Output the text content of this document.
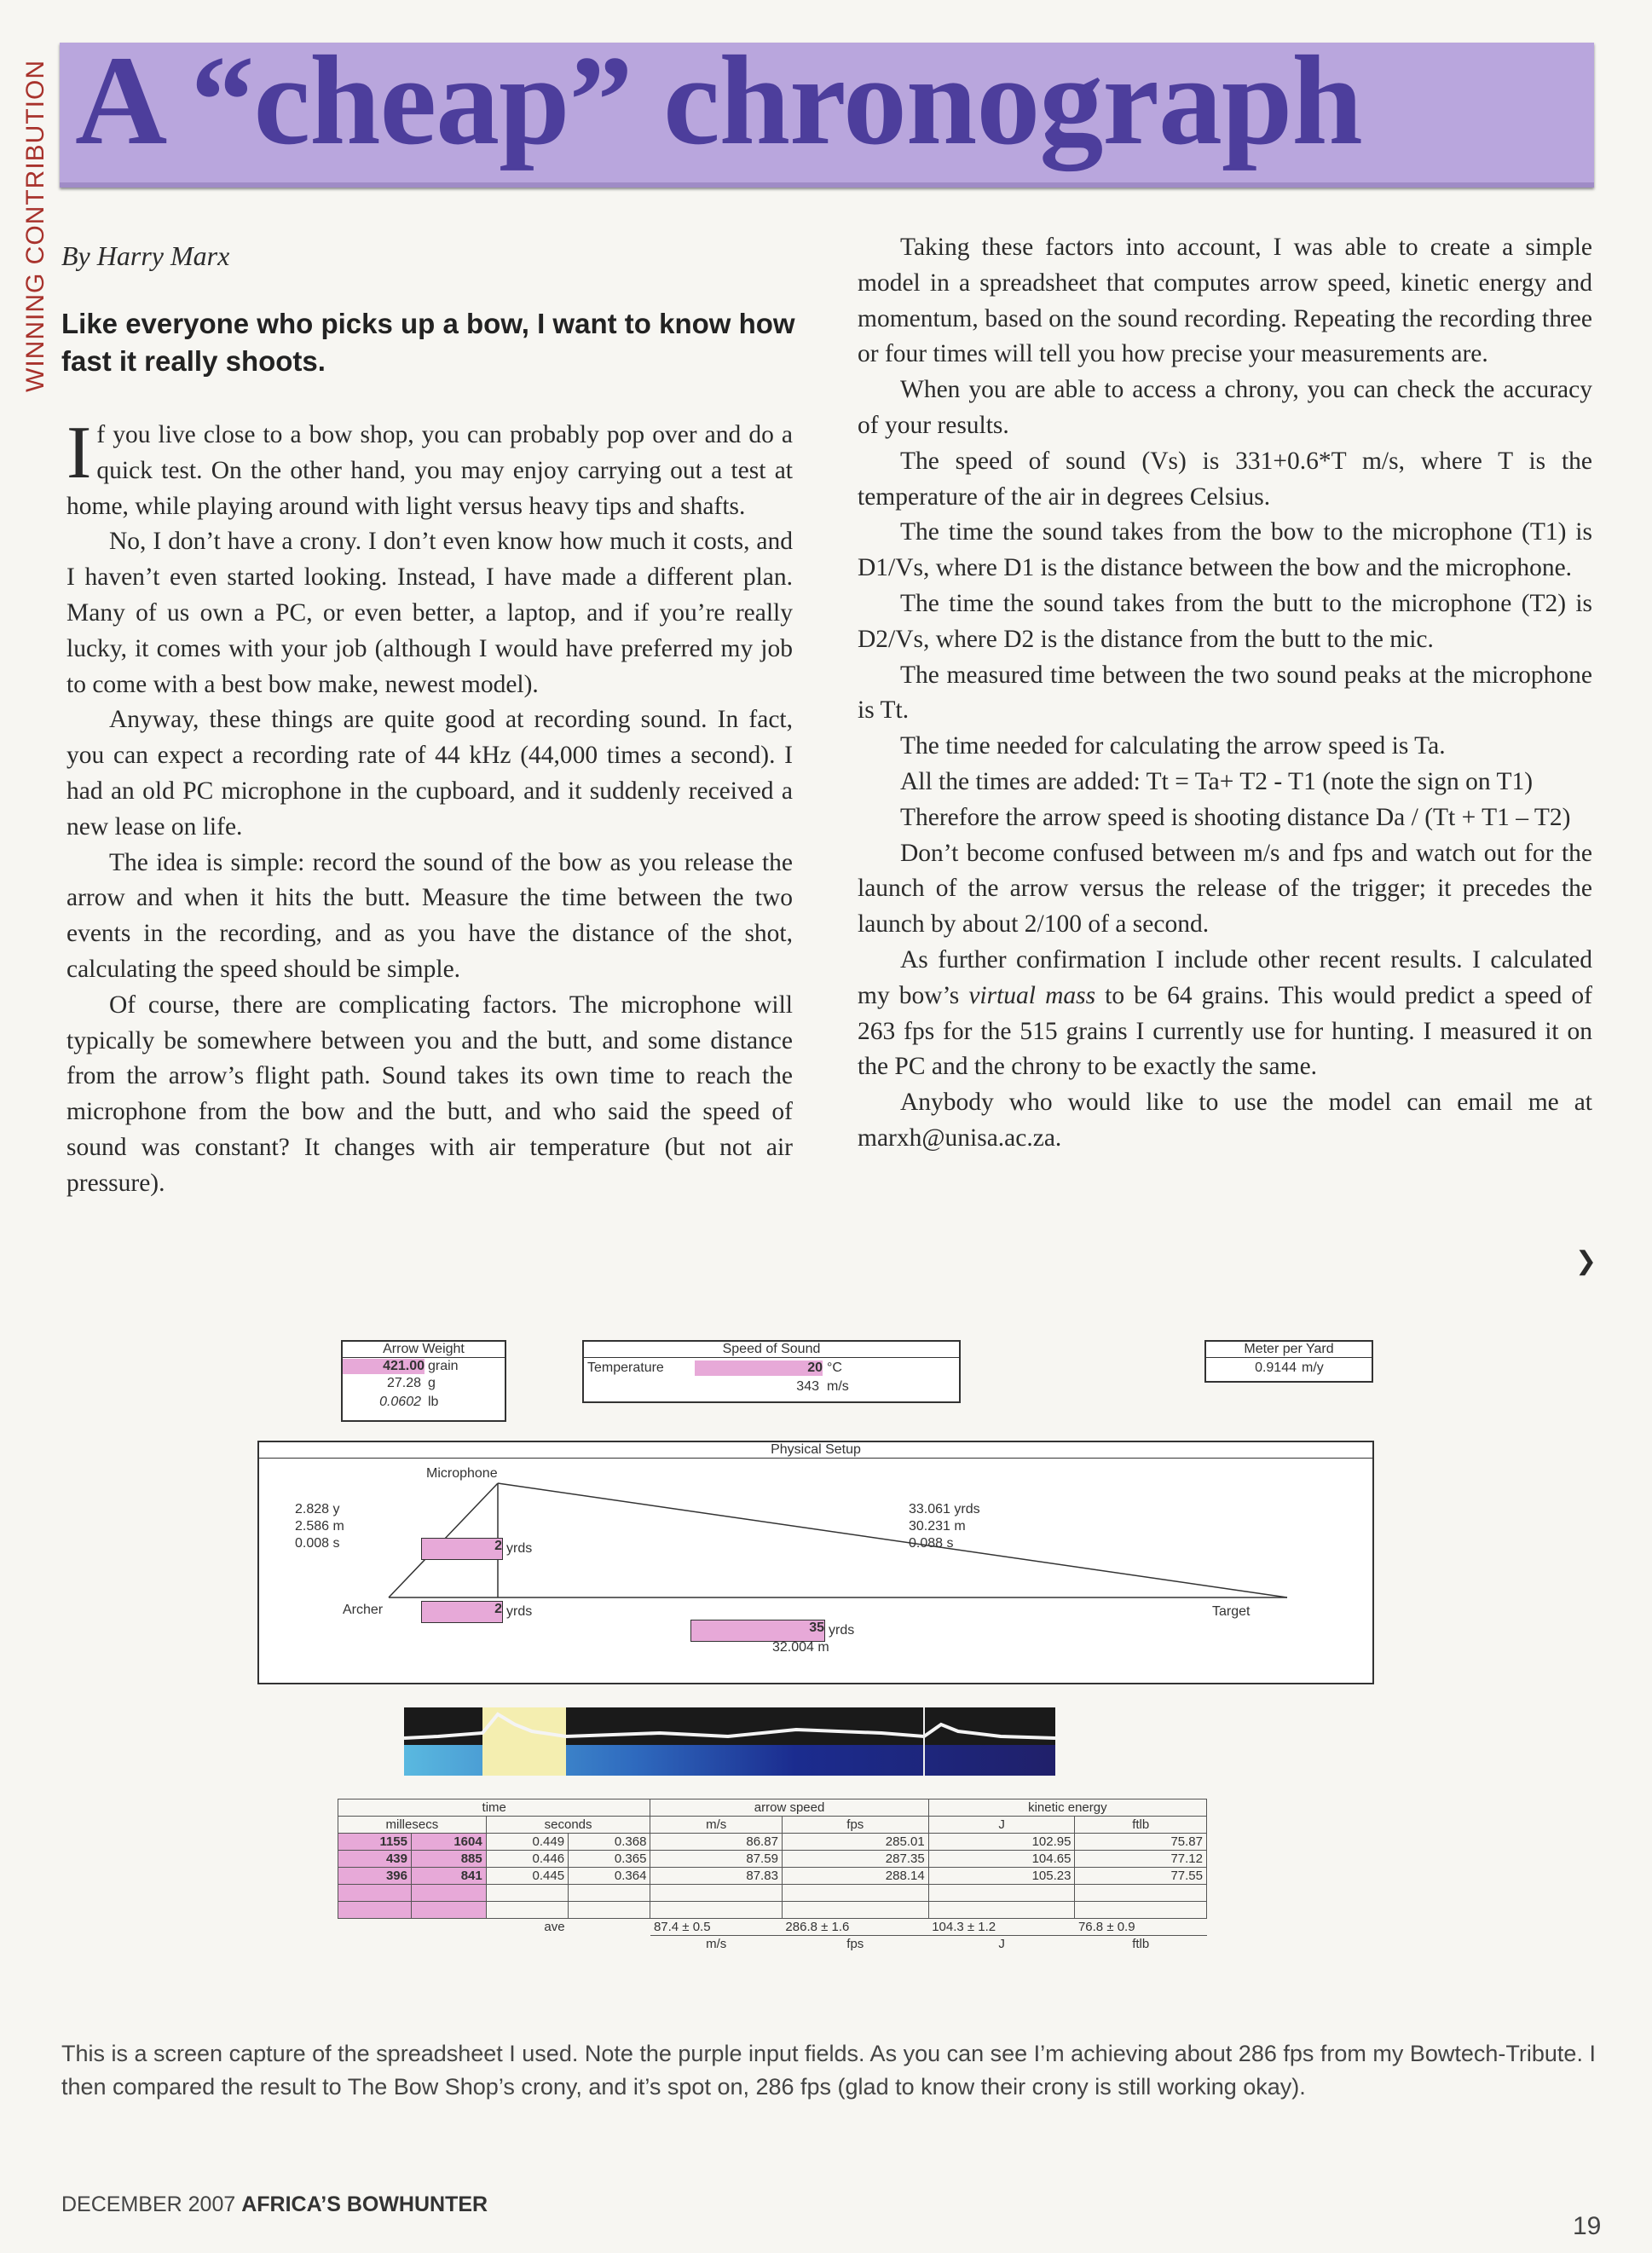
WINNING CONTRIBUTION A “cheap” chronograph
By Harry Marx
Like everyone who picks up a bow, I want to know how fast it really shoots.

If you live close to a bow shop, you can probably pop over and do a quick test. On the other hand, you may enjoy carrying out a test at home, while playing around with light versus heavy tips and shafts.

No, I don’t have a crony. I don’t even know how much it costs, and I haven’t even started looking. Instead, I have made a different plan. Many of us own a PC, or even better, a laptop, and if you’re really lucky, it comes with your job (although I would have preferred my job to come with a best bow make, newest model).

Anyway, these things are quite good at recording sound. In fact, you can expect a recording rate of 44 kHz (44,000 times a second). I had an old PC microphone in the cupboard, and it suddenly received a new lease on life.

The idea is simple: record the sound of the bow as you release the arrow and when it hits the butt. Measure the time between the two events in the recording, and as you have the distance of the shot, calculating the speed should be simple.

Of course, there are complicating factors. The microphone will typically be somewhere between you and the butt, and some distance from the arrow’s flight path. Sound takes its own time to reach the microphone from the bow and the butt, and who said the speed of sound was constant? It changes with air temperature (but not air pressure).

Taking these factors into account, I was able to create a simple model in a spreadsheet that computes arrow speed, kinetic energy and momentum, based on the sound recording. Repeating the recording three or four times will tell you how precise your measurements are.

When you are able to access a chrony, you can check the accuracy of your results.

The speed of sound (Vs) is 331+0.6*T m/s, where T is the temperature of the air in degrees Celsius.

The time the sound takes from the bow to the microphone (T1) is D1/Vs, where D1 is the distance between the bow and the microphone.

The time the sound takes from the butt to the microphone (T2) is D2/Vs, where D2 is the distance from the butt to the mic.

The measured time between the two sound peaks at the microphone is Tt.

The time needed for calculating the arrow speed is Ta.

All the times are added: Tt = Ta+ T2 - T1 (note the sign on T1)

Therefore the arrow speed is shooting distance Da / (Tt + T1 – T2)

Don’t become confused between m/s and fps and watch out for the launch of the arrow versus the release of the trigger; it precedes the launch by about 2/100 of a second.

As further confirmation I include other recent results. I calculated my bow’s virtual mass to be 64 grains. This would predict a speed of 263 fps for the 515 grains I currently use for hunting. I measured it on the PC and the chrony to be exactly the same.

Anybody who would like to use the model can email me at marxh@unisa.ac.za.

❯
Arrow Weight
421.00 grain
27.28 g
0.0602 lb
Speed of Sound
Temperature	20 °C
343 m/s
Meter per Yard
0.9144 m/y
Physical Setup
Microphone
2.828 y
2.586 m
0.008 s	2 yrds
33.061 yrds
30.231 m
0.088 s
Archer	2 yrds	Target
35 yrds
32.004 m
time				arrow speed		kinetic energy	
millesecs		seconds		m/s	fps	J	ftlb
1155	1604	0.449	0.368	86.87	285.01	102.95	75.87
439	885	0.446	0.365	87.59	287.35	104.65	77.12
396	841	0.445	0.364	87.83	288.14	105.23	77.55

ave				87.4 ± 0.5	286.8 ± 1.6	104.3 ± 1.2	76.8 ± 0.9
				m/s	fps	J	ftlb
This is a screen capture of the spreadsheet I used. Note the purple input fields. As you can see I’m achieving about 286 fps from my Bowtech-Tribute. I then compared the result to The Bow Shop’s crony, and it’s spot on, 286 fps (glad to know their crony is still working okay).
DECEMBER 2007 AFRICA’S BOWHUNTER
19
